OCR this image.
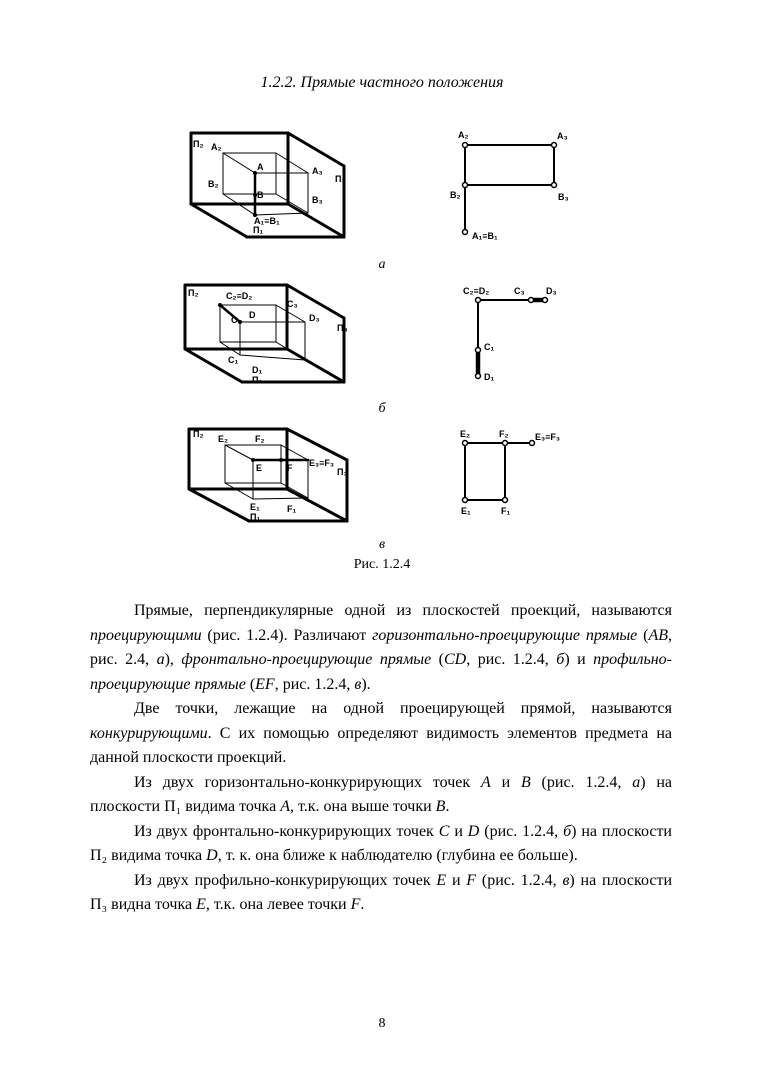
1.2.2. Прямые частного положения
П₂ A₂
A	A₃
П₃
B₂
B	B₃
A₁≡B₁
П₁
A₂	A₃
B₂	B₃
A₁≡B₁
а
П₂	C₂≡D₂
C₃
C D	D₃
П₃
C₁
D₁
П₁
C₂≡D₂	C₃ D₃
C₁
D₁
б
П₂ E₂	F₂
E	F E₃≡F₃
П₃
E₁
П₁
F₁
E₂	F₂	E₃≡F₃
E₁	F₁
в
Рис. 1.2.4

Прямые, перпендикулярные одной из плоскостей проекций, называются проецирующими (рис. 1.2.4). Различают горизонтально-проецирующие прямые (AB, рис. 2.4, а), фронтально-проецирующие прямые (CD, рис. 1.2.4, б) и профильно-проецирующие прямые (EF, рис. 1.2.4, в).

Две точки, лежащие на одной проецирующей прямой, называются конкурирующими. С их помощью определяют видимость элементов предмета на данной плоскости проекций.

Из двух горизонтально-конкурирующих точек A и B (рис. 1.2.4, а) на плоскости П₁ видима точка A, т.к. она выше точки B.

Из двух фронтально-конкурирующих точек C и D (рис. 1.2.4, б) на плоскости П₂ видима точка D, т. к. она ближе к наблюдателю (глубина ее больше).

Из двух профильно-конкурирующих точек E и F (рис. 1.2.4, в) на плоскости П₃ видна точка E, т.к. она левее точки F.

8
